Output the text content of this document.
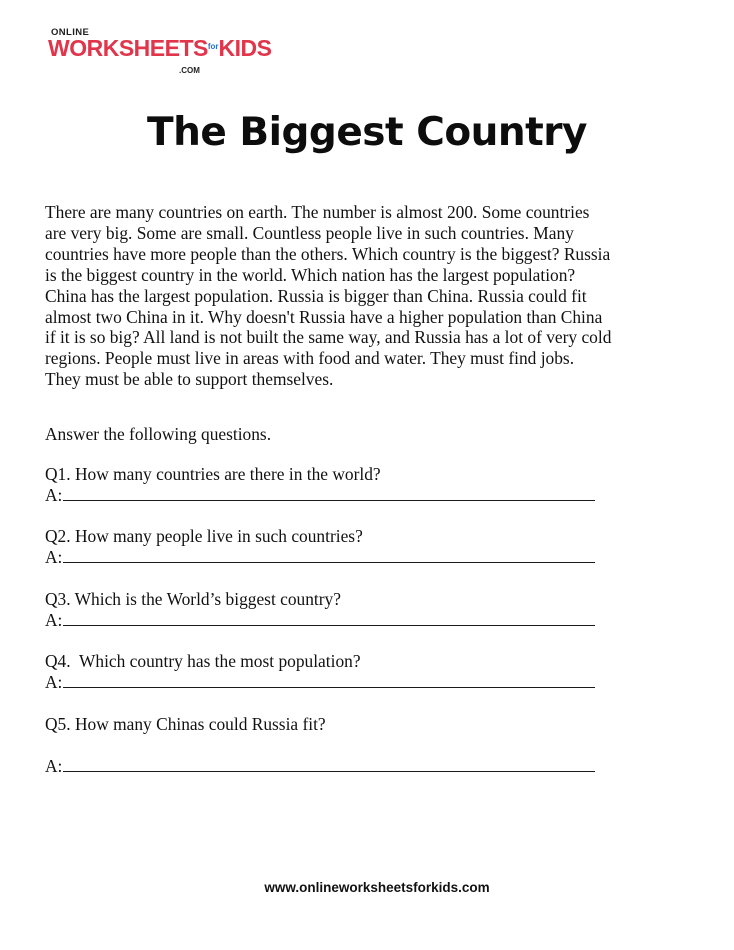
ONLINE
$WORKSHEETS^{for}KIDS$
.COM
The Biggest Country
There are many countries on earth. The number is almost 200. Some countries
are very big. Some are small. Countless people live in such countries. Many
countries have more people than the others. Which country is the biggest? Russia
is the biggest country in the world. Which nation has the largest population?
China has the largest population. Russia is bigger than China. Russia could fit
almost two China in it. Why doesn't Russia have a higher population than China
if it is so big? All land is not built the same way, and Russia has a lot of very cold
regions. People must live in areas with food and water. They must find jobs.
They must be able to support themselves.
Answer the following questions.
Q1. How many countries are there in the world?
A:
Q2. How many people live in such countries?
A:
Q3. Which is the World’s biggest country?
A:
Q4.  Which country has the most population?
A:
Q5. How many Chinas could Russia fit?
A:
www.onlineworksheetsforkids.com
